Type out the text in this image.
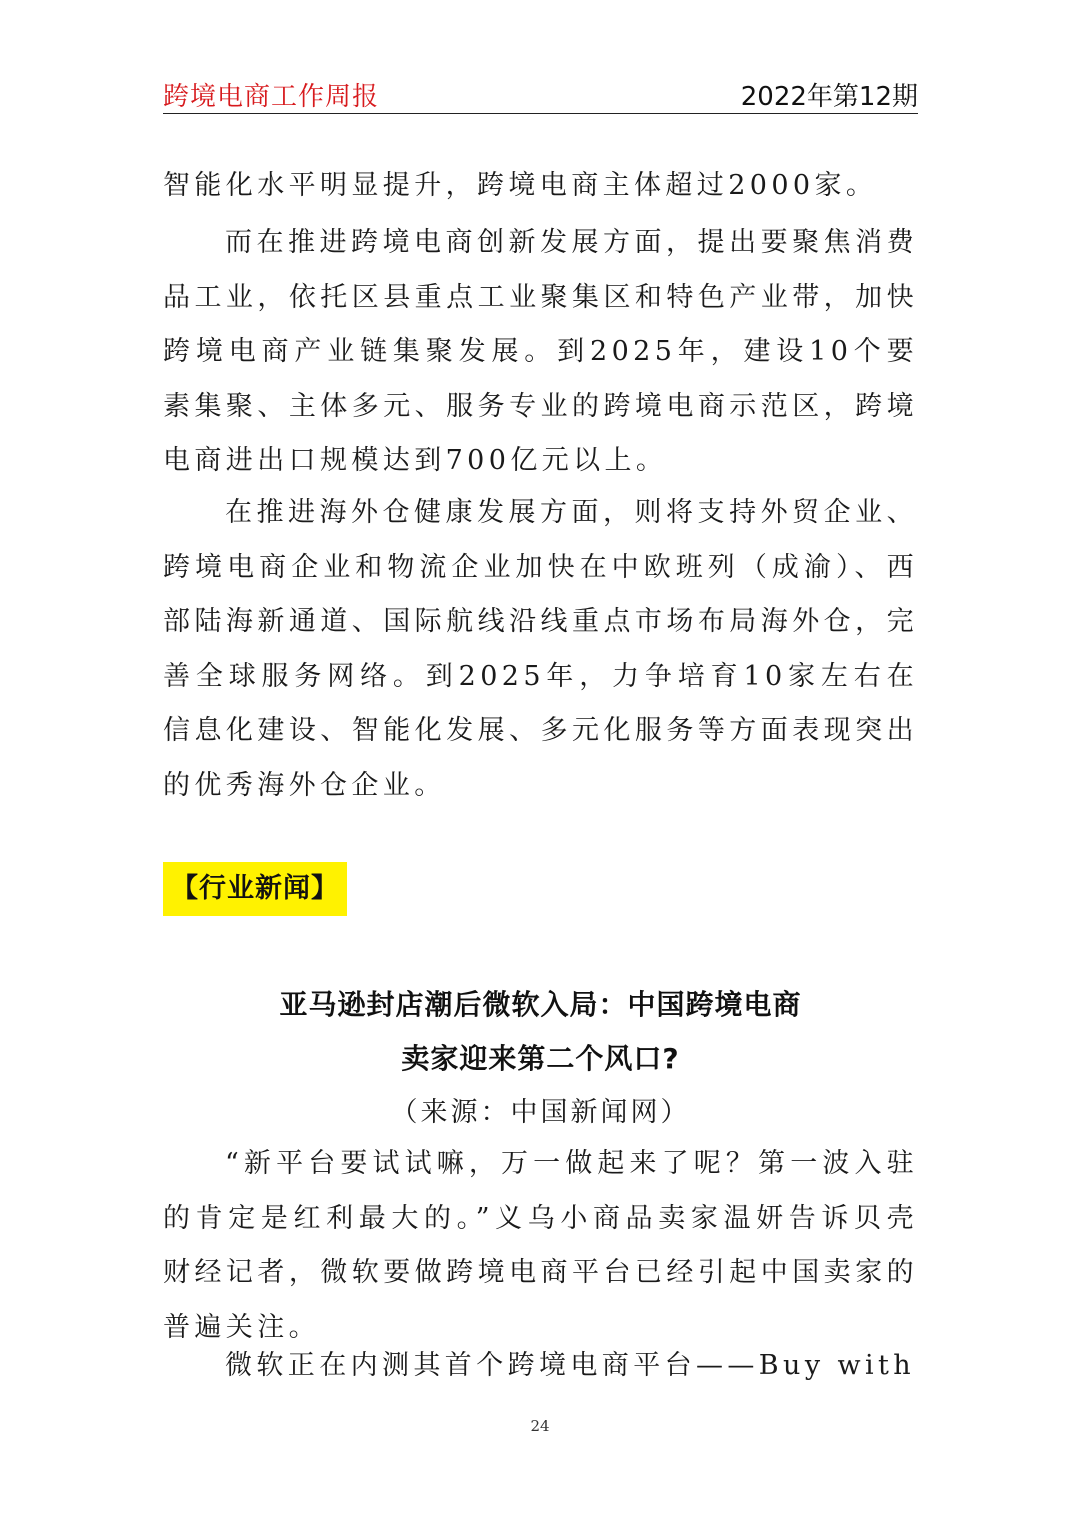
跨境电商工作周报	2022年第12期

智能化水平明显提升，跨境电商主体超过2000家。

而在推进跨境电商创新发展方面，提出要聚焦消费品工业，依托区县重点工业聚集区和特色产业带，加快跨境电商产业链集聚发展。到2025年，建设10个要素集聚、主体多元、服务专业的跨境电商示范区，跨境电商进出口规模达到700亿元以上。

在推进海外仓健康发展方面，则将支持外贸企业、跨境电商企业和物流企业加快在中欧班列（成渝）、西部陆海新通道、国际航线沿线重点市场布局海外仓，完善全球服务网络。到2025年，力争培育10家左右在信息化建设、智能化发展、多元化服务等方面表现突出的优秀海外仓企业。

【行业新闻】
亚马逊封店潮后微软入局：中国跨境电商
卖家迎来第二个风口?
（来源：中国新闻网）

“新平台要试试嘛，万一做起来了呢？第一波入驻的肯定是红利最大的。”义乌小商品卖家温妍告诉贝壳财经记者，微软要做跨境电商平台已经引起中国卖家的普遍关注。

微软正在内测其首个跨境电商平台——Buy with

24
